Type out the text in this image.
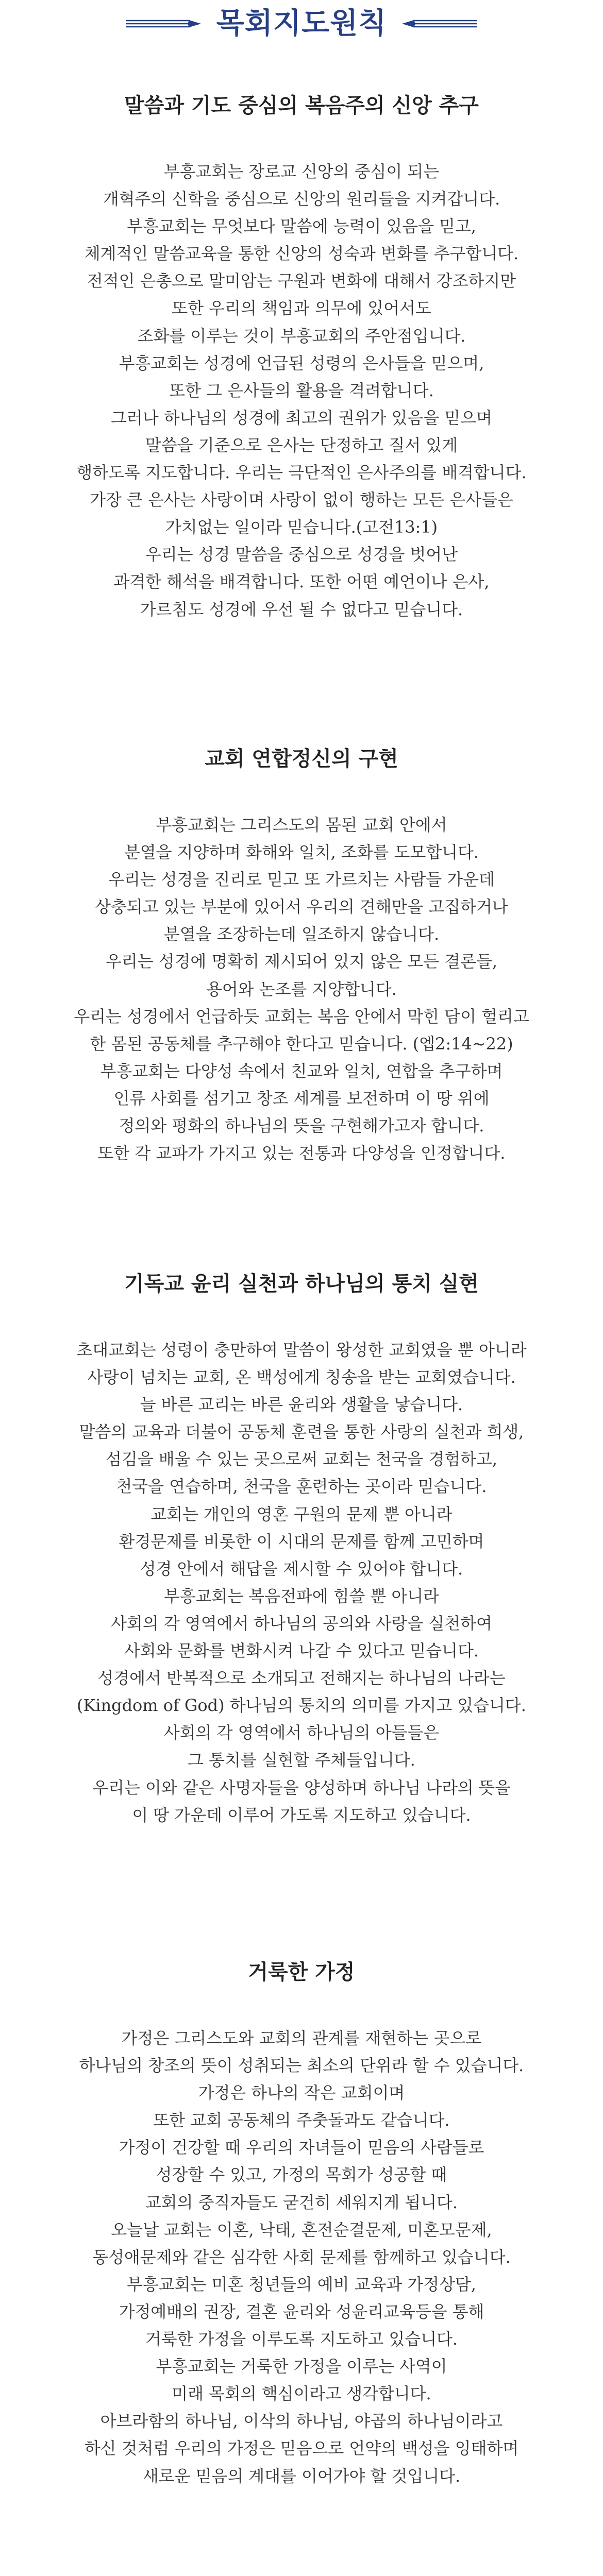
목회지도원칙
말씀과 기도 중심의 복음주의 신앙 추구
부흥교회는 장로교 신앙의 중심이 되는
개혁주의 신학을 중심으로 신앙의 원리들을 지켜갑니다.
부흥교회는 무엇보다 말씀에 능력이 있음을 믿고,
체계적인 말씀교육을 통한 신앙의 성숙과 변화를 추구합니다.
전적인 은총으로 말미암는 구원과 변화에 대해서 강조하지만
또한 우리의 책임과 의무에 있어서도
조화를 이루는 것이 부흥교회의 주안점입니다.
부흥교회는 성경에 언급된 성령의 은사들을 믿으며,
또한 그 은사들의 활용을 격려합니다.
그러나 하나님의 성경에 최고의 권위가 있음을 믿으며
말씀을 기준으로 은사는 단정하고 질서 있게
행하도록 지도합니다. 우리는 극단적인 은사주의를 배격합니다.
가장 큰 은사는 사랑이며 사랑이 없이 행하는 모든 은사들은
가치없는 일이라 믿습니다.(고전13:1)
우리는 성경 말씀을 중심으로 성경을 벗어난
과격한 해석을 배격합니다. 또한 어떤 예언이나 은사,
가르침도 성경에 우선 될 수 없다고 믿습니다.
교회 연합정신의 구현
부흥교회는 그리스도의 몸된 교회 안에서
분열을 지양하며 화해와 일치, 조화를 도모합니다.
우리는 성경을 진리로 믿고 또 가르치는 사람들 가운데
상충되고 있는 부분에 있어서 우리의 견해만을 고집하거나
분열을 조장하는데 일조하지 않습니다.
우리는 성경에 명확히 제시되어 있지 않은 모든 결론들,
용어와 논조를 지양합니다.
우리는 성경에서 언급하듯 교회는 복음 안에서 막힌 담이 헐리고
한 몸된 공동체를 추구해야 한다고 믿습니다. (엡2:14~22)
부흥교회는 다양성 속에서 친교와 일치, 연합을 추구하며
인류 사회를 섬기고 창조 세계를 보전하며 이 땅 위에
정의와 평화의 하나님의 뜻을 구현해가고자 합니다.
또한 각 교파가 가지고 있는 전통과 다양성을 인정합니다.
기독교 윤리 실천과 하나님의 통치 실현
초대교회는 성령이 충만하여 말씀이 왕성한 교회였을 뿐 아니라
사랑이 넘치는 교회, 온 백성에게 칭송을 받는 교회였습니다.
늘 바른 교리는 바른 윤리와 생활을 낳습니다.
말씀의 교육과 더불어 공동체 훈련을 통한 사랑의 실천과 희생,
섬김을 배울 수 있는 곳으로써 교회는 천국을 경험하고,
천국을 연습하며, 천국을 훈련하는 곳이라 믿습니다.
교회는 개인의 영혼 구원의 문제 뿐 아니라
환경문제를 비롯한 이 시대의 문제를 함께 고민하며
성경 안에서 해답을 제시할 수 있어야 합니다.
부흥교회는 복음전파에 힘쓸 뿐 아니라
사회의 각 영역에서 하나님의 공의와 사랑을 실천하여
사회와 문화를 변화시켜 나갈 수 있다고 믿습니다.
성경에서 반복적으로 소개되고 전해지는 하나님의 나라는
(Kingdom of God) 하나님의 통치의 의미를 가지고 있습니다.
사회의 각 영역에서 하나님의 아들들은
그 통치를 실현할 주체들입니다.
우리는 이와 같은 사명자들을 양성하며 하나님 나라의 뜻을
이 땅 가운데 이루어 가도록 지도하고 있습니다.
거룩한 가정
가정은 그리스도와 교회의 관계를 재현하는 곳으로
하나님의 창조의 뜻이 성취되는 최소의 단위라 할 수 있습니다.
가정은 하나의 작은 교회이며
또한 교회 공동체의 주춧돌과도 같습니다.
가정이 건강할 때 우리의 자녀들이 믿음의 사람들로
성장할 수 있고, 가정의 목회가 성공할 때
교회의 중직자들도 굳건히 세워지게 됩니다.
오늘날 교회는 이혼, 낙태, 혼전순결문제, 미혼모문제,
동성애문제와 같은 심각한 사회 문제를 함께하고 있습니다.
부흥교회는 미혼 청년들의 예비 교육과 가정상담,
가정예배의 권장, 결혼 윤리와 성윤리교육등을 통해
거룩한 가정을 이루도록 지도하고 있습니다.
부흥교회는 거룩한 가정을 이루는 사역이
미래 목회의 핵심이라고 생각합니다.
아브라함의 하나님, 이삭의 하나님, 야곱의 하나님이라고
하신 것처럼 우리의 가정은 믿음으로 언약의 백성을 잉태하며
새로운 믿음의 계대를 이어가야 할 것입니다.
